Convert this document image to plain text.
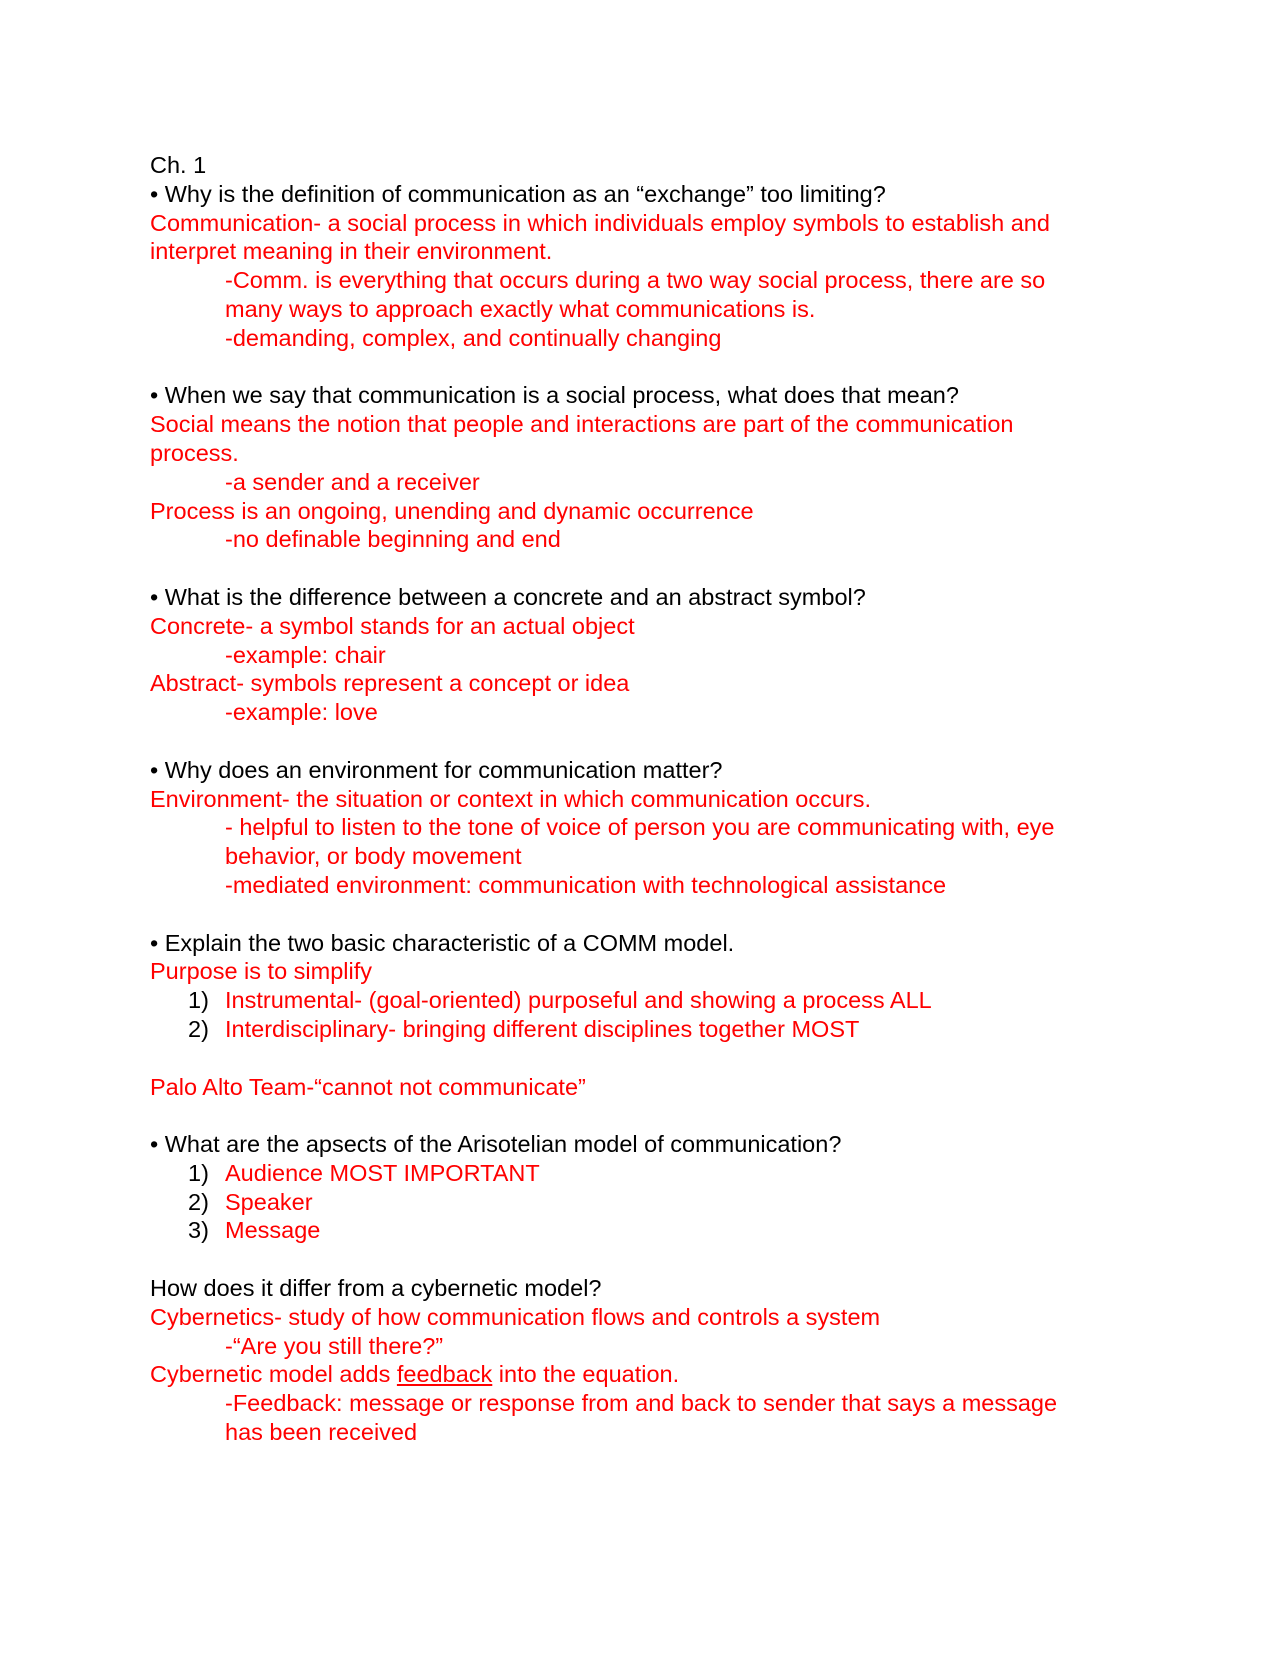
Ch. 1
• Why is the definition of communication as an “exchange” too limiting?
Communication- a social process in which individuals employ symbols to establish and
interpret meaning in their environment.
-Comm. is everything that occurs during a two way social process, there are so
many ways to approach exactly what communications is.
-demanding, complex, and continually changing
• When we say that communication is a social process, what does that mean?
Social means the notion that people and interactions are part of the communication
process.
-a sender and a receiver
Process is an ongoing, unending and dynamic occurrence
-no definable beginning and end
• What is the difference between a concrete and an abstract symbol?
Concrete- a symbol stands for an actual object
-example: chair
Abstract- symbols represent a concept or idea
-example: love
• Why does an environment for communication matter?
Environment- the situation or context in which communication occurs.
- helpful to listen to the tone of voice of person you are communicating with, eye
behavior, or body movement
-mediated environment: communication with technological assistance
• Explain the two basic characteristic of a COMM model.
Purpose is to simplify
1) Instrumental- (goal-oriented) purposeful and showing a process ALL
2) Interdisciplinary- bringing different disciplines together MOST
Palo Alto Team-“cannot not communicate”
• What are the apsects of the Arisotelian model of communication?
1) Audience MOST IMPORTANT
2) Speaker
3) Message
How does it differ from a cybernetic model?
Cybernetics- study of how communication flows and controls a system
-“Are you still there?”
Cybernetic model adds feedback into the equation.
-Feedback: message or response from and back to sender that says a message
has been received
